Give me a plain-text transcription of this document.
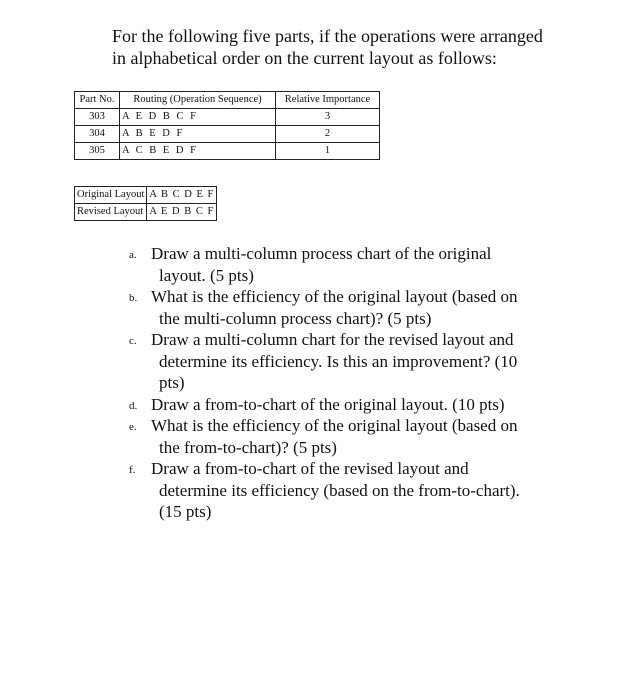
For the following five parts, if the operations were arranged
in alphabetical order on the current layout as follows:
Part No.	Routing (Operation Sequence)	Relative Importance
303	A E D B C F	3
304	A B E D F	2
305	A C B E D F	1
Original Layout	A B C D E F
Revised Layout	A E D B C F
a. Draw a multi-column process chart of the original
layout. (5 pts)
b. What is the efficiency of the original layout (based on
the multi-column process chart)? (5 pts)
c. Draw a multi-column chart for the revised layout and
determine its efficiency. Is this an improvement? (10
pts)
d. Draw a from-to-chart of the original layout. (10 pts)
e. What is the efficiency of the original layout (based on
the from-to-chart)? (5 pts)
f. Draw a from-to-chart of the revised layout and
determine its efficiency (based on the from-to-chart).
(15 pts)
